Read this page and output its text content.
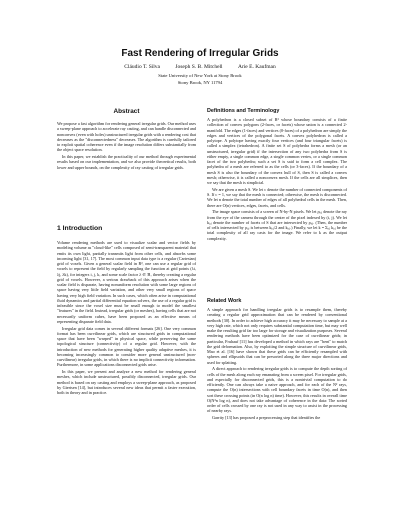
Fast Rendering of Irregular Grids
Cláudio T. Silva	Joseph S. B. Mitchell	Arie E. Kaufman
State University of New York at Stony Brook
Stony Brook, NY 11794
Abstract

We propose a fast algorithm for rendering general irregular grids. Our method uses a sweep-plane approach to accelerate ray casting, and can handle disconnected and nonconvex (even with holes) unstructured irregular grids with a rendering cost that decreases as the "disconnectedness" decreases. The algorithm is carefully tailored to exploit spatial coherence even if the image resolution differs substantially from the object space resolution.

In this paper, we establish the practicality of our method through experimental results based on our implementation, and we also provide theoretical results, both lower and upper bounds, on the complexity of ray casting of irregular grids.

1 Introduction

Volume rendering methods are used to visualize scalar and vector fields by modeling volume as "cloud-like" cells composed of semi-transparent material that emits its own light, partially transmits light from other cells, and absorbs some incoming light [31, 17]. The most common input data type is a regular (Cartesian) grid of voxels. Given a general scalar field in R³, one can use a regular grid of voxels to represent the field by regularly sampling the function at grid points (λi, λj, λk), for integers i, j, k, and some scale factor λ ∈ ℜ, thereby creating a regular grid of voxels. However, a serious drawback of this approach arises when the scalar field is disparate, having nonuniform resolution with some large regions of space having very little field variation, and other very small regions of space having very high field variation. In such cases, which often arise in computational fluid dynamics and partial differential equation solvers, the use of a regular grid is infeasible since the voxel size must be small enough to model the smallest "features" in the field. Instead, irregular grids (or meshes), having cells that are not necessarily uniform cubes, have been proposed as an effective means of representing disparate field data.

Irregular grid data comes in several different formats [26]. One very common format has been curvilinear grids, which are structured grids in computational space that have been "warped" in physical space, while preserving the same topological structure (connectivity) of a regular grid. However, with the introduction of new methods for generating higher quality adaptive meshes, it is becoming increasingly common to consider more general unstructured (non-curvilinear) irregular grids, in which there is no implicit connectivity information. Furthermore, in some applications disconnected grids arise.

In this paper, we present and analyze a new method for rendering general meshes, which include unstructured, possibly disconnected, irregular grids. Our method is based on ray casting and employs a sweep-plane approach, as proposed by Giertsen [14], but introduces several new ideas that permit a faster execution, both in theory and in practice.

Definitions and Terminology

A polyhedron is a closed subset of R³ whose boundary consists of a finite collection of convex polygons (2-faces, or facets) whose union is a connected 2-manifold. The edges (1-faces) and vertices (0-faces) of a polyhedron are simply the edges and vertices of the polygonal facets. A convex polyhedron is called a polytope. A polytope having exactly four vertices (and four triangular facets) is called a simplex (tetrahedron). A finite set S of polyhedra forms a mesh (or an unstructured, irregular grid) if the intersection of any two polyhedra from S is either empty, a single common edge, a single common vertex, or a single common facet of the two polyhedra; such a set S is said to form a cell complex. The polyhedra of a mesh are referred to as the cells (or 3-faces). If the boundary of a mesh S is also the boundary of the convex hull of S, then S is called a convex mesh; otherwise, it is called a nonconvex mesh. If the cells are all simplices, then we say that the mesh is simplicial.

We are given a mesh S. We let c denote the number of connected components of S. If c = 1, we say that the mesh is connected; otherwise, the mesh is disconnected. We let n denote the total number of edges of all polyhedral cells in the mesh. Then, there are O(n) vertices, edges, facets, and cells.

The image space consists of a screen of N-by-N pixels. We let ρᵢ,ⱼ denote the ray from the eye of the camera through the center of the pixel indexed by (i, j). We let kᵢ,ⱼ denote the number of facets of S that are intersected by ρᵢ,ⱼ. (Then, the number of cells intersected by ρᵢ,ⱼ is between kᵢ,ⱼ/2 and kᵢ,ⱼ.) Finally, we let k = Σᵢ,ⱼ kᵢ,ⱼ be the total complexity of all ray casts for the image. We refer to k as the output complexity.

Related Work

A simple approach for handling irregular grids is to resample them, thereby creating a regular grid approximation that can be rendered by conventional methods [30]. In order to achieve high accuracy it may be necessary to sample at a very high rate, which not only requires substantial computation time, but may well make the resulting grid far too large for storage and visualization purposes. Several rendering methods have been optimized for the case of curvilinear grids; in particular, Fruhauf [11] has developed a method in which rays are "bent" to match the grid deformation. Also, by exploiting the simple structure of curvilinear grids, Mao et al. [16] have shown that these grids can be efficiently resampled with spheres and ellipsoids that can be presorted along the three major directions and used for splatting.

A direct approach to rendering irregular grids is to compute the depth sorting of cells of the mesh along each ray emanating from a screen pixel. For irregular grids, and especially for disconnected grids, this is a nontrivial computation to do efficiently. One can always take a naive approach, and for each of the N² rays, compute the O(n) intersections with cell boundary facets in time O(n), and then sort these crossing points (in O(n log n) time). However, this results in overall time O(N²n log n), and does not take advantage of coherence in the data: The sorted order of cells crossed by one ray is not used in any way to assist in the processing of nearby rays.

Garrity [13] has proposed a preprocessing step that identifies the
